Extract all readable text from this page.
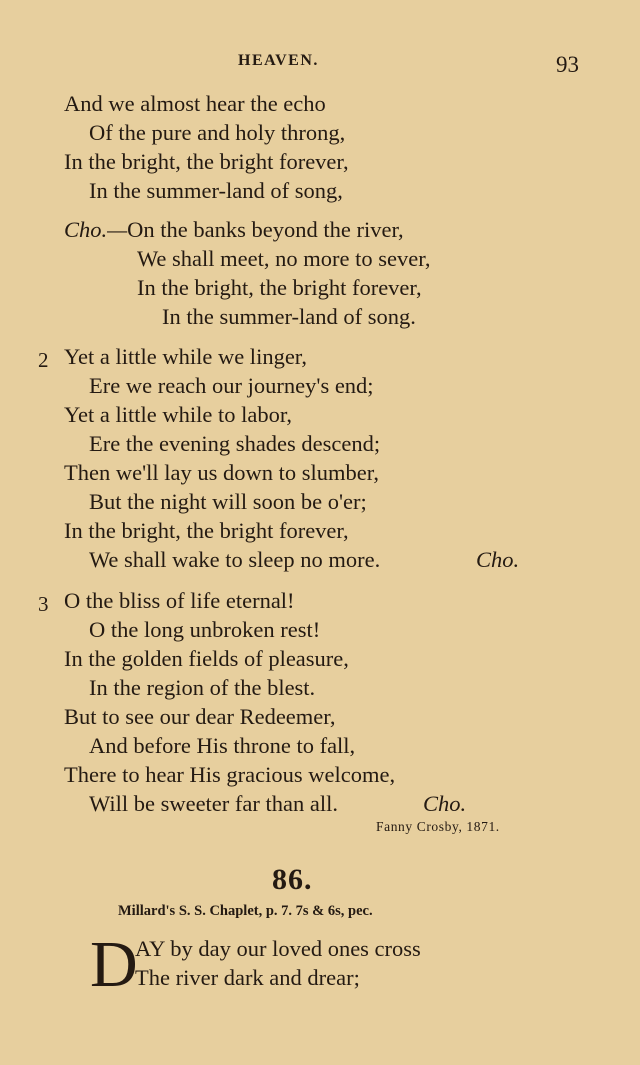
HEAVEN.	93
And we almost hear the echo
Of the pure and holy throng,
In the bright, the bright forever,
In the summer-land of song,
Cho.—On the banks beyond the river,
We shall meet, no more to sever,
In the bright, the bright forever,
In the summer-land of song.
2 Yet a little while we linger,
Ere we reach our journey's end;
Yet a little while to labor,
Ere the evening shades descend;
Then we'll lay us down to slumber,
But the night will soon be o'er;
In the bright, the bright forever,
We shall wake to sleep no more.	Cho.
3 O the bliss of life eternal!
O the long unbroken rest!
In the golden fields of pleasure,
In the region of the blest.
But to see our dear Redeemer,
And before His throne to fall,
There to hear His gracious welcome,
Will be sweeter far than all.	Cho.
Fanny Crosby, 1871.
86.
Millard's S. S. Chaplet, p. 7. 7s & 6s, pec.
D
AY by day our loved ones cross
The river dark and drear;
